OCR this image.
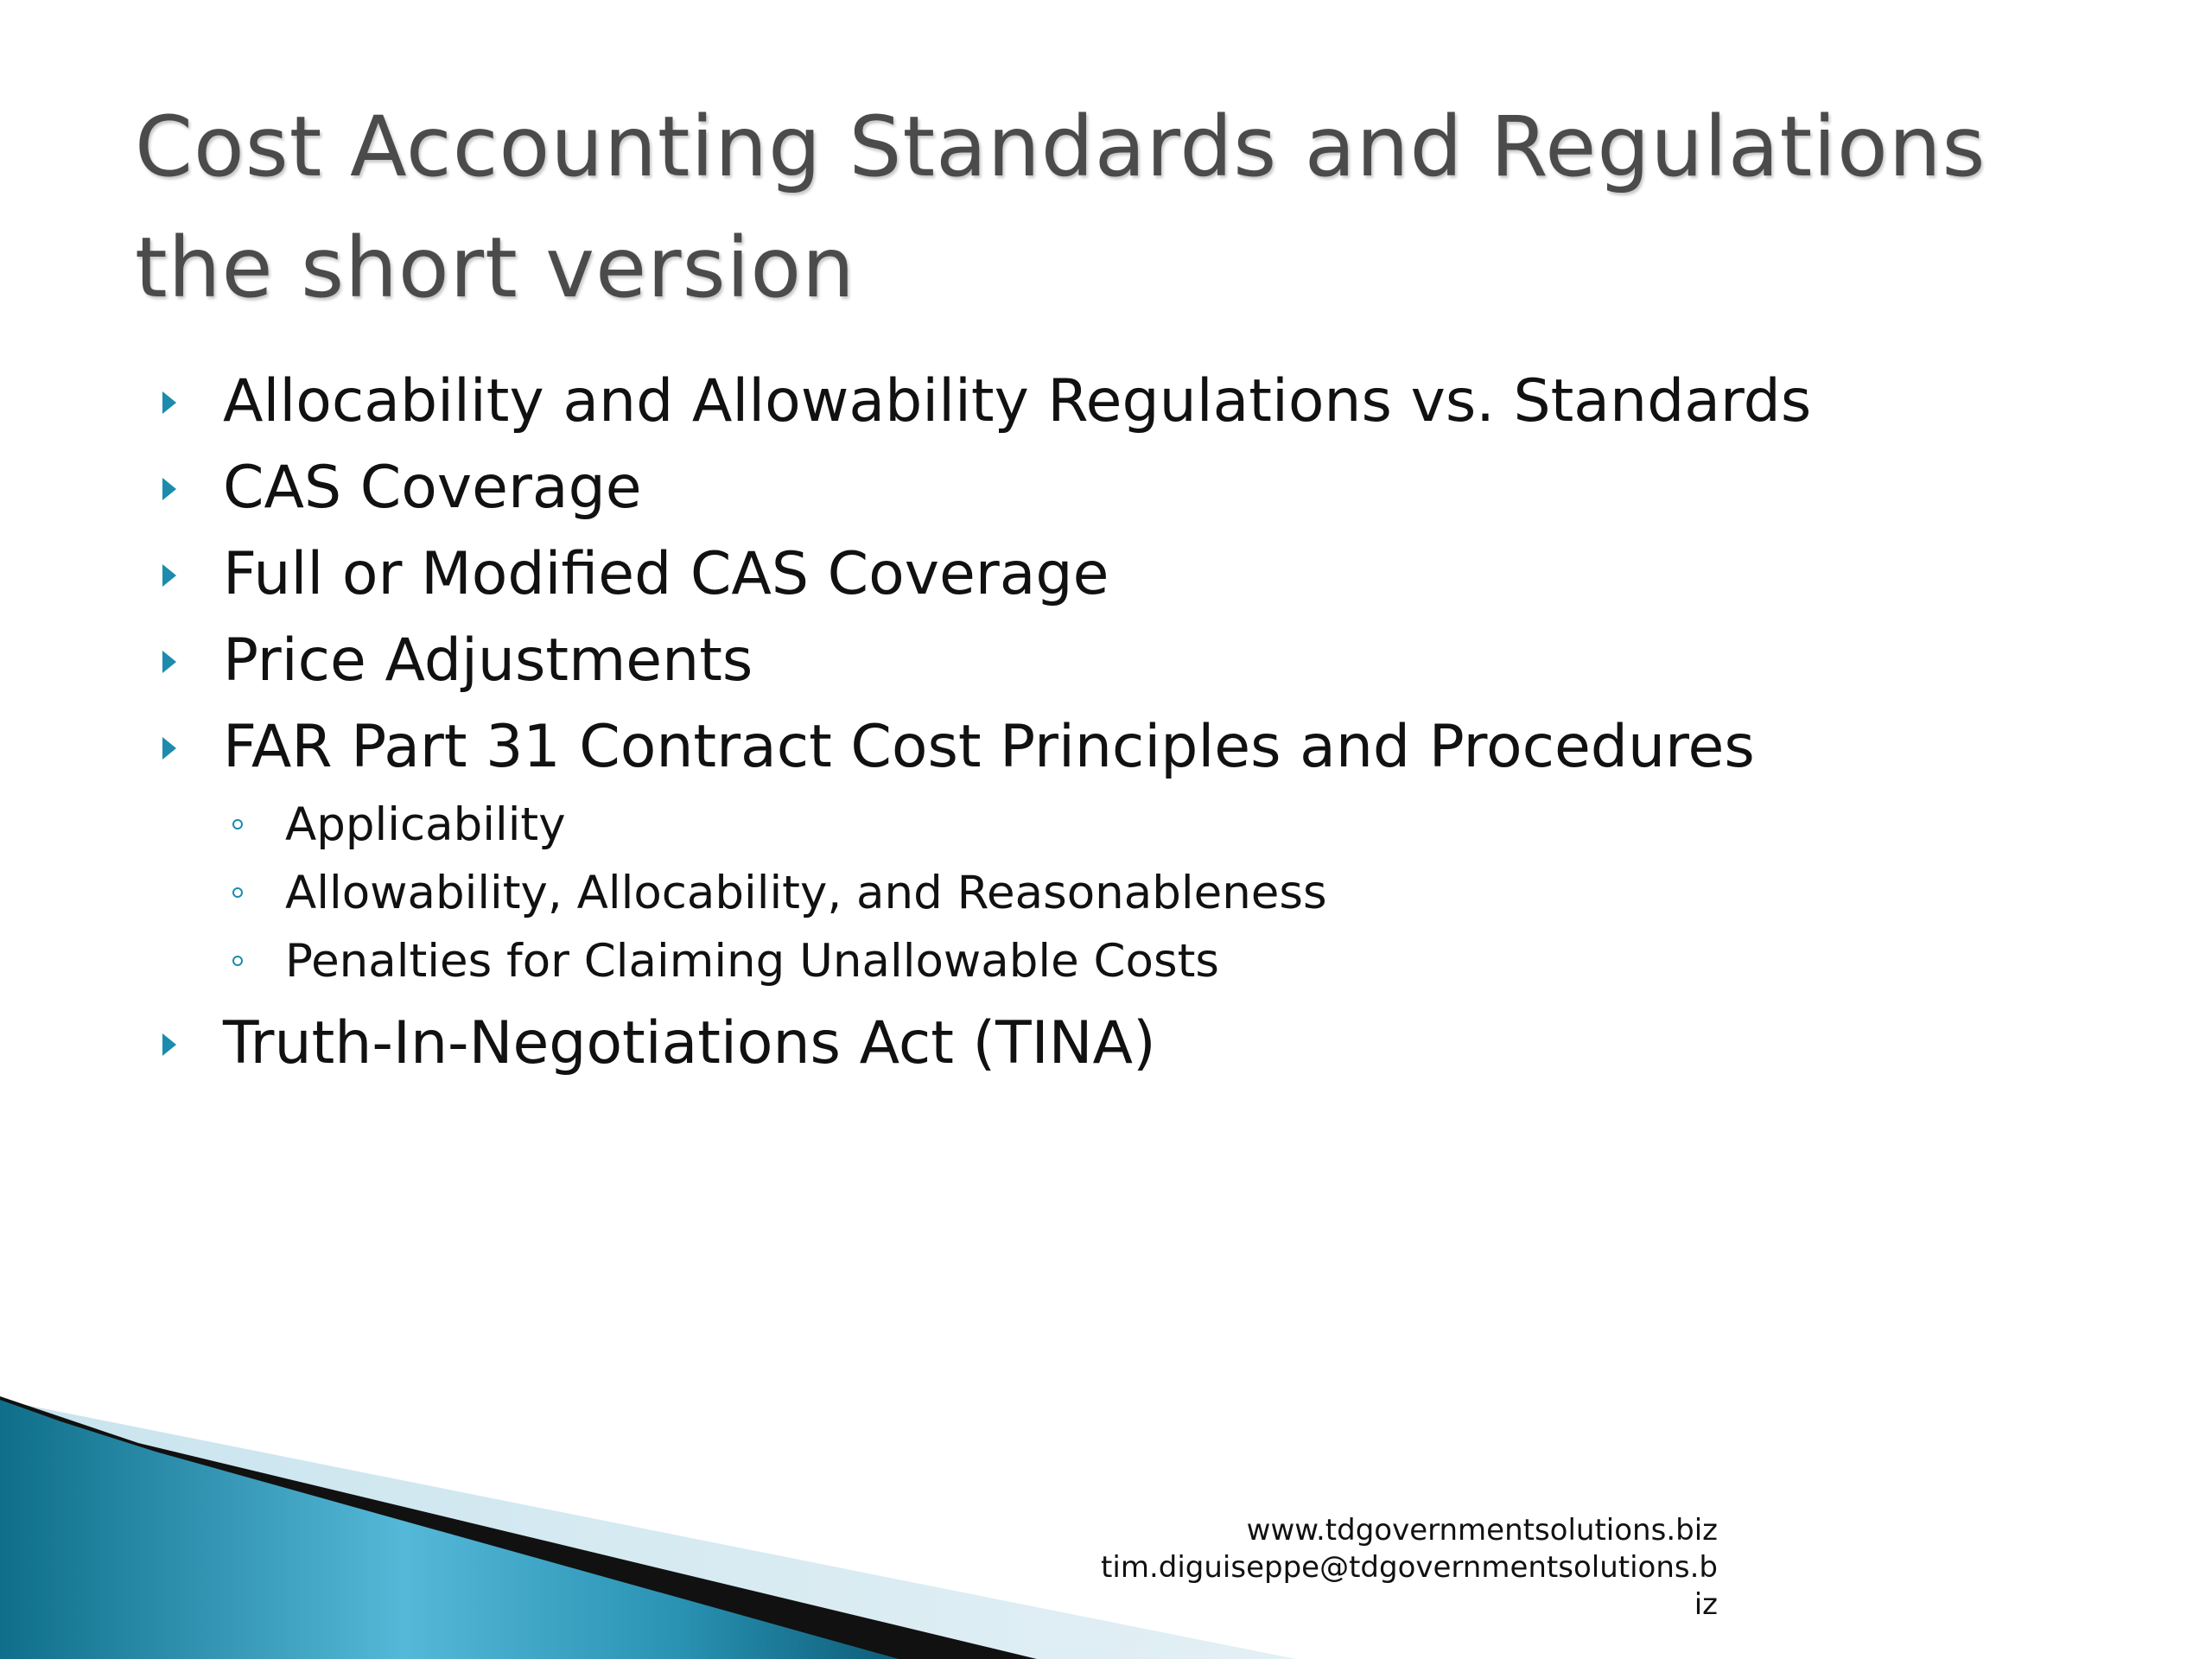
Cost Accounting Standards and Regulations
the short version
Allocability and Allowability Regulations vs. Standards
CAS Coverage
Full or Modified CAS Coverage
Price Adjustments
FAR Part 31 Contract Cost Principles and Procedures
Applicability
Allowability, Allocability, and Reasonableness
Penalties for Claiming Unallowable Costs
Truth-In-Negotiations Act (TINA)
www.tdgovernmentsolutions.biz
tim.diguiseppe@tdgovernmentsolutions.b
iz
